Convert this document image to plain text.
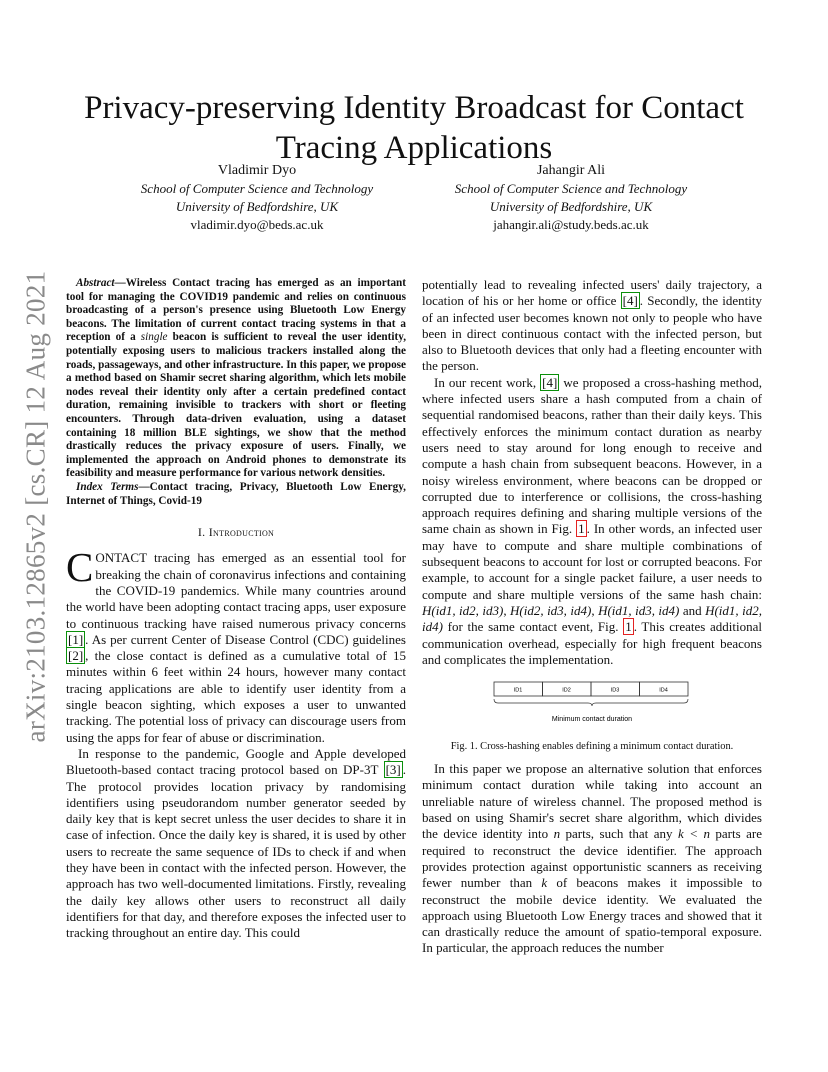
arXiv:2103.12865v2 [cs.CR] 12 Aug 2021
Privacy-preserving Identity Broadcast for Contact Tracing Applications
Vladimir Dyo
School of Computer Science and Technology
University of Bedfordshire, UK
vladimir.dyo@beds.ac.uk
Jahangir Ali
School of Computer Science and Technology
University of Bedfordshire, UK
jahangir.ali@study.beds.ac.uk

Abstract—Wireless Contact tracing has emerged as an important tool for managing the COVID19 pandemic and relies on continuous broadcasting of a person's presence using Bluetooth Low Energy beacons. The limitation of current contact tracing systems in that a reception of a single beacon is sufficient to reveal the user identity, potentially exposing users to malicious trackers installed along the roads, passageways, and other infrastructure. In this paper, we propose a method based on Shamir secret sharing algorithm, which lets mobile nodes reveal their identity only after a certain predefined contact duration, remaining invisible to trackers with short or fleeting encounters. Through data-driven evaluation, using a dataset containing 18 million BLE sightings, we show that the method drastically reduces the privacy exposure of users. Finally, we implemented the approach on Android phones to demonstrate its feasibility and measure performance for various network densities.

Index Terms—Contact tracing, Privacy, Bluetooth Low Energy, Internet of Things, Covid-19

I. Introduction

CONTACT tracing has emerged as an essential tool for breaking the chain of coronavirus infections and containing the COVID-19 pandemics. While many countries around the world have been adopting contact tracing apps, user exposure to continuous tracking have raised numerous privacy concerns [1] . As per current Center of Disease Control (CDC) guidelines [2] , the close contact is defined as a cumulative total of 15 minutes within 6 feet within 24 hours, however many contact tracing applications are able to identify user identity from a single beacon sighting, which exposes a user to unwanted tracking. The potential loss of privacy can discourage users from using the apps for fear of abuse or discrimination.

In response to the pandemic, Google and Apple developed Bluetooth-based contact tracing protocol based on DP-3T [3] . The protocol provides location privacy by randomising identifiers using pseudorandom number generator seeded by daily key that is kept secret unless the user decides to share it in case of infection. Once the daily key is shared, it is used by other users to recreate the same sequence of IDs to check if and when they have been in contact with the infected person. However, the approach has two well-documented limitations. Firstly, revealing the daily key allows other users to reconstruct all daily identifiers for that day, and therefore exposes the infected user to tracking throughout an entire day. This could

potentially lead to revealing infected users' daily trajectory, a location of his or her home or office [4] . Secondly, the identity of an infected user becomes known not only to people who have been in direct continuous contact with the infected person, but also to Bluetooth devices that only had a fleeting encounter with the person.

In our recent work, [4] we proposed a cross-hashing method, where infected users share a hash computed from a chain of sequential randomised beacons, rather than their daily keys. This effectively enforces the minimum contact duration as nearby users need to stay around for long enough to receive and compute a hash chain from subsequent beacons. However, in a noisy wireless environment, where beacons can be dropped or corrupted due to interference or collisions, the cross-hashing approach requires defining and sharing multiple versions of the same chain as shown in Fig. 1 . In other words, an infected user may have to compute and share multiple combinations of subsequent beacons to account for lost or corrupted beacons. For example, to account for a single packet failure, a user needs to compute and share multiple versions of the same hash chain: H(id1, id2, id3), H(id2, id3, id4), H(id1, id3, id4) and H(id1, id2, id4) for the same contact event, Fig. 1 . This creates additional communication overhead, especially for high frequent beacons and complicates the implementation.

ID1	ID2	ID3	ID4
Minimum contact duration
Fig. 1. Cross-hashing enables defining a minimum contact duration.

In this paper we propose an alternative solution that enforces minimum contact duration while taking into account an unreliable nature of wireless channel. The proposed method is based on using Shamir's secret share algorithm, which divides the device identity into n parts, such that any k < n parts are required to reconstruct the device identifier. The approach provides protection against opportunistic scanners as receiving fewer number than k of beacons makes it impossible to reconstruct the mobile device identity. We evaluated the approach using Bluetooth Low Energy traces and showed that it can drastically reduce the amount of spatio-temporal exposure. In particular, the approach reduces the number
